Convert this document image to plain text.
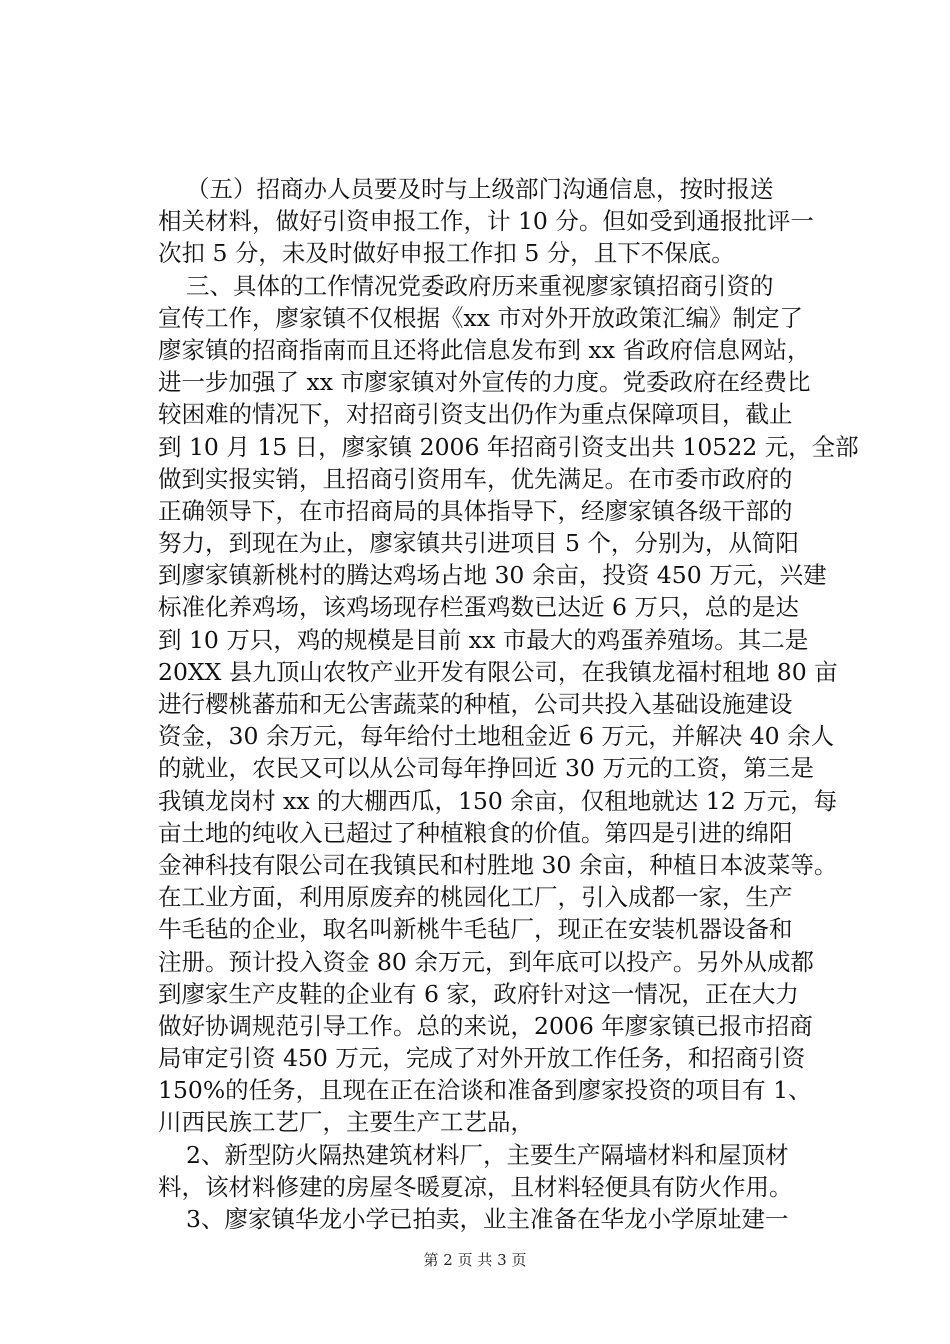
（五）招商办人员要及时与上级部门沟通信息，按时报送
相关材料，做好引资申报工作，计 10 分。但如受到通报批评一
次扣 5 分，未及时做好申报工作扣 5 分，且下不保底。
三、具体的工作情况党委政府历来重视廖家镇招商引资的
宣传工作，廖家镇不仅根据《xx 市对外开放政策汇编》制定了
廖家镇的招商指南而且还将此信息发布到 xx 省政府信息网站，
进一步加强了 xx 市廖家镇对外宣传的力度。党委政府在经费比
较困难的情况下，对招商引资支出仍作为重点保障项目，截止
到 10 月 15 日，廖家镇 2006 年招商引资支出共 10522 元，全部
做到实报实销，且招商引资用车，优先满足。在市委市政府的
正确领导下，在市招商局的具体指导下，经廖家镇各级干部的
努力，到现在为止，廖家镇共引进项目 5 个，分别为，从简阳
到廖家镇新桃村的腾达鸡场占地 30 余亩，投资 450 万元，兴建
标准化养鸡场，该鸡场现存栏蛋鸡数已达近 6 万只，总的是达
到 10 万只，鸡的规模是目前 xx 市最大的鸡蛋养殖场。其二是
20XX 县九顶山农牧产业开发有限公司，在我镇龙福村租地 80 亩
进行樱桃蕃茄和无公害蔬菜的种植，公司共投入基础设施建设
资金，30 余万元，每年给付土地租金近 6 万元，并解决 40 余人
的就业，农民又可以从公司每年挣回近 30 万元的工资，第三是
我镇龙岗村 xx 的大棚西瓜，150 余亩，仅租地就达 12 万元，每
亩土地的纯收入已超过了种植粮食的价值。第四是引进的绵阳
金神科技有限公司在我镇民和村胜地 30 余亩，种植日本波菜等。
在工业方面，利用原废弃的桃园化工厂，引入成都一家，生产
牛毛毡的企业，取名叫新桃牛毛毡厂，现正在安装机器设备和
注册。预计投入资金 80 余万元，到年底可以投产。另外从成都
到廖家生产皮鞋的企业有 6 家，政府针对这一情况，正在大力
做好协调规范引导工作。总的来说，2006 年廖家镇已报市招商
局审定引资 450 万元，完成了对外开放工作任务，和招商引资
150%的任务，且现在正在洽谈和准备到廖家投资的项目有 1、
川西民族工艺厂，主要生产工艺品，
2、新型防火隔热建筑材料厂，主要生产隔墙材料和屋顶材
料，该材料修建的房屋冬暖夏凉，且材料轻便具有防火作用。
3、廖家镇华龙小学已拍卖，业主准备在华龙小学原址建一
第 2 页 共 3 页
